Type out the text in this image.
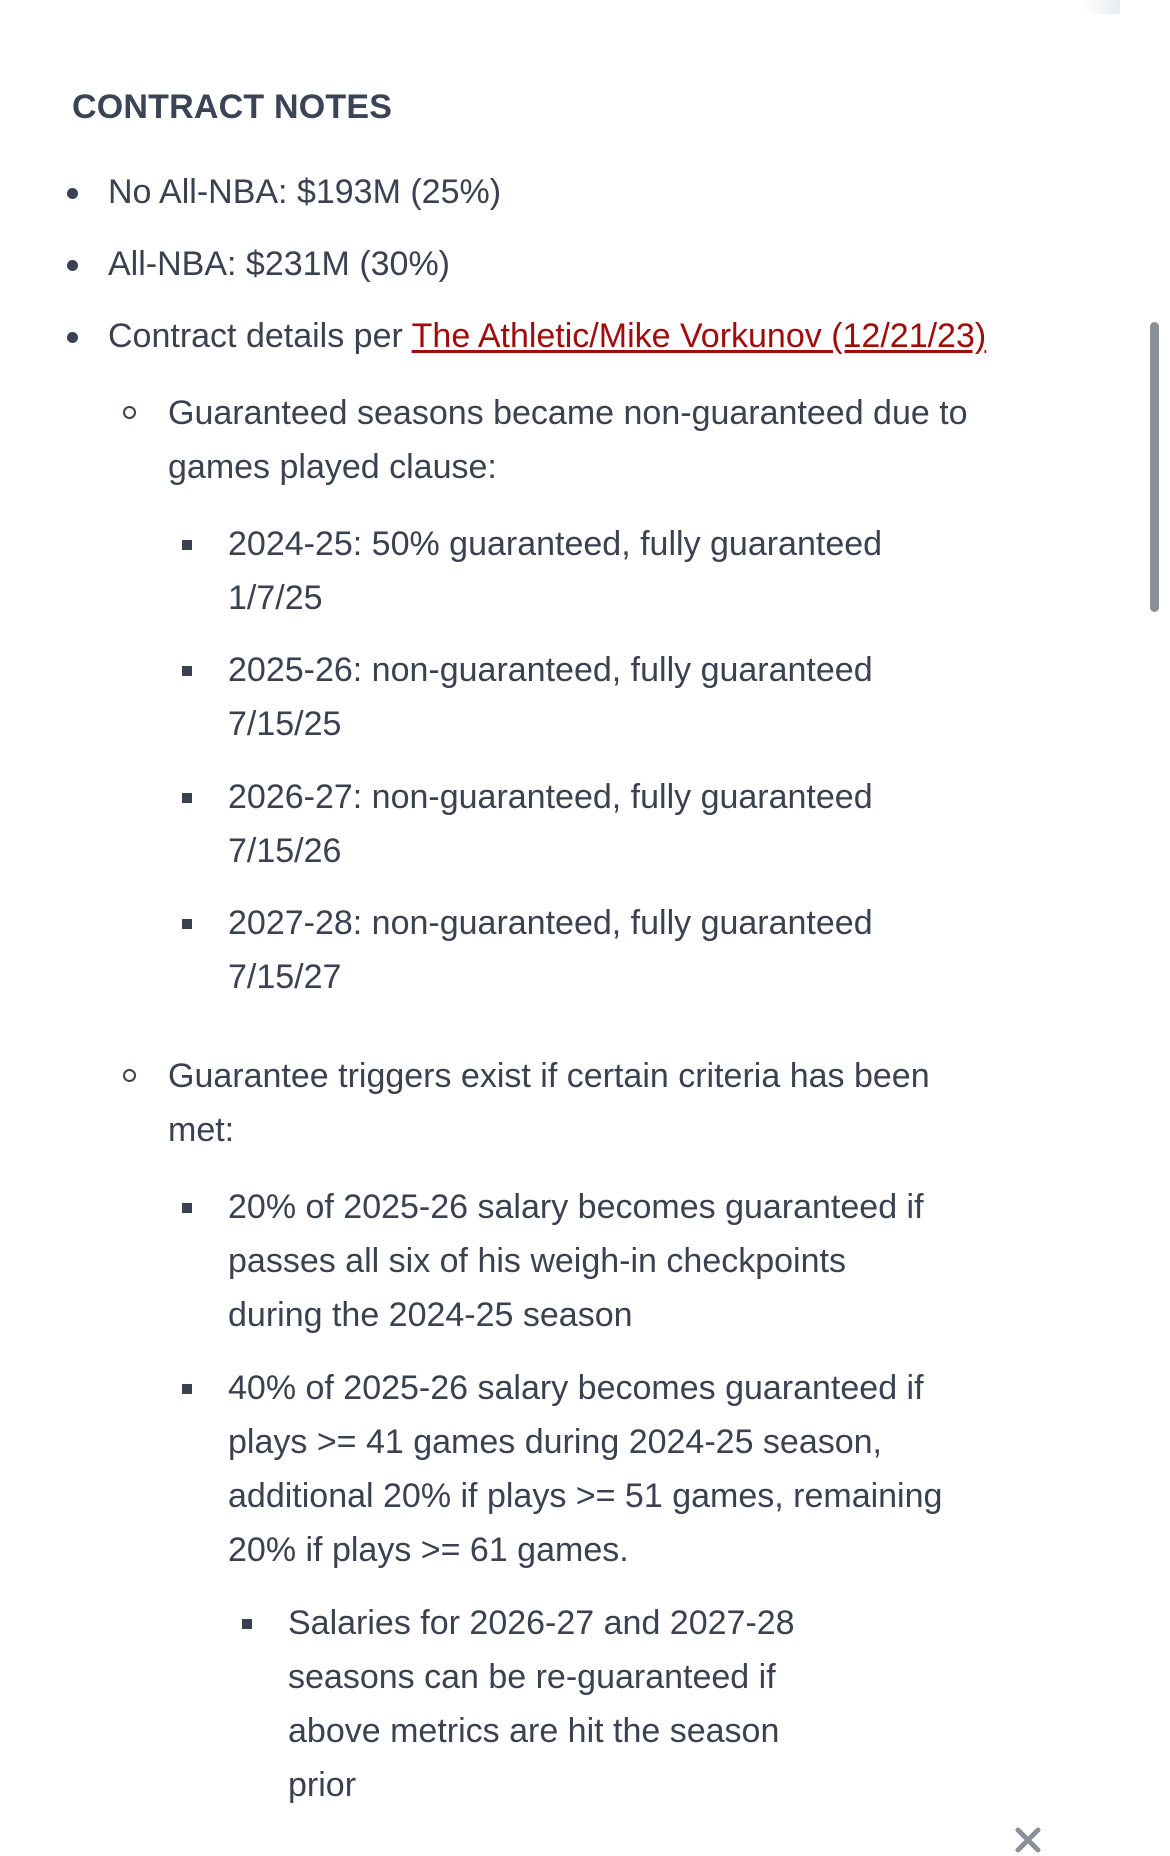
CONTRACT NOTES
No All-NBA: $193M (25%)
All-NBA: $231M (30%)
Contract details per The Athletic/Mike Vorkunov (12/21/23)
Guaranteed seasons became non-guaranteed due to games played clause:
2024-25: 50% guaranteed, fully guaranteed 1/7/25
2025-26: non-guaranteed, fully guaranteed 7/15/25
2026-27: non-guaranteed, fully guaranteed 7/15/26
2027-28: non-guaranteed, fully guaranteed 7/15/27
Guarantee triggers exist if certain criteria has been met:
20% of 2025-26 salary becomes guaranteed if passes all six of his weigh-in checkpoints during the 2024-25 season
40% of 2025-26 salary becomes guaranteed if plays >= 41 games during 2024-25 season, additional 20% if plays >= 51 games, remaining 20% if plays >= 61 games.
Salaries for 2026-27 and 2027-28 seasons can be re-guaranteed if above metrics are hit the season prior
